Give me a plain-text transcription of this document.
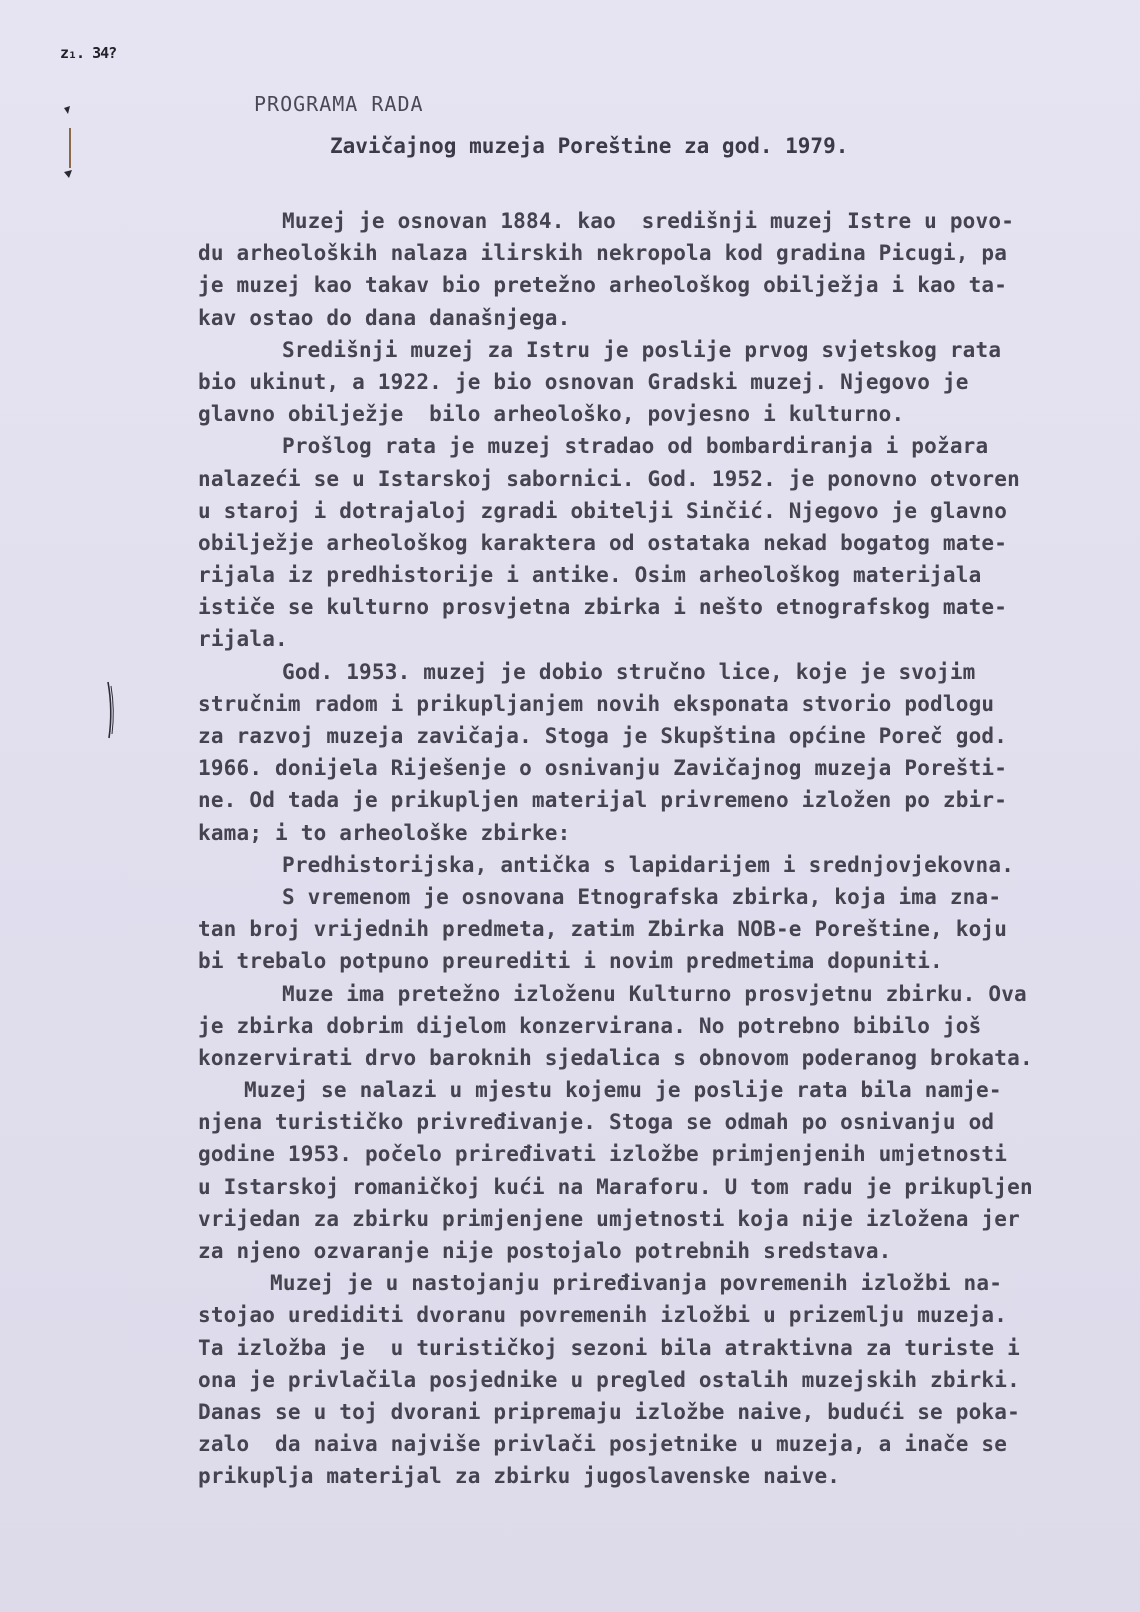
z₁. 34?
PROGRAMA RADA
Zavičajnog muzeja Poreštine za god. 1979.
Muzej je osnovan 1884. kao  središnji muzej Istre u povo-
du arheoloških nalaza ilirskih nekropola kod gradina Picugi, pa
je muzej kao takav bio pretežno arheološkog obilježja i kao ta-
kav ostao do dana današnjega.
Središnji muzej za Istru je poslije prvog svjetskog rata
bio ukinut, a 1922. je bio osnovan Gradski muzej. Njegovo je
glavno obilježje  bilo arheološko, povjesno i kulturno.
Prošlog rata je muzej stradao od bombardiranja i požara
nalazeći se u Istarskoj sabornici. God. 1952. je ponovno otvoren
u staroj i dotrajaloj zgradi obitelji Sinčić. Njegovo je glavno
obilježje arheološkog karaktera od ostataka nekad bogatog mate-
rijala iz predhistorije i antike. Osim arheološkog materijala
ističe se kulturno prosvjetna zbirka i nešto etnografskog mate-
rijala.
God. 1953. muzej je dobio stručno lice, koje je svojim
stručnim radom i prikupljanjem novih eksponata stvorio podlogu
za razvoj muzeja zavičaja. Stoga je Skupština općine Poreč god.
1966. donijela Riješenje o osnivanju Zavičajnog muzeja Porešti-
ne. Od tada je prikupljen materijal privremeno izložen po zbir-
kama; i to arheološke zbirke:
Predhistorijska, antička s lapidarijem i srednjovjekovna.
S vremenom je osnovana Etnografska zbirka, koja ima zna-
tan broj vrijednih predmeta, zatim Zbirka NOB-e Poreštine, koju
bi trebalo potpuno preurediti i novim predmetima dopuniti.
Muze ima pretežno izloženu Kulturno prosvjetnu zbirku. Ova
je zbirka dobrim dijelom konzervirana. No potrebno bibilo još
konzervirati drvo baroknih sjedalica s obnovom poderanog brokata.
Muzej se nalazi u mjestu kojemu je poslije rata bila namje-
njena turističko privređivanje. Stoga se odmah po osnivanju od
godine 1953. počelo priređivati izložbe primjenjenih umjetnosti
u Istarskoj romaničkoj kući na Maraforu. U tom radu je prikupljen
vrijedan za zbirku primjenjene umjetnosti koja nije izložena jer
za njeno ozvaranje nije postojalo potrebnih sredstava.
Muzej je u nastojanju priređivanja povremenih izložbi na-
stojao urediditi dvoranu povremenih izložbi u prizemlju muzeja.
Ta izložba je  u turističkoj sezoni bila atraktivna za turiste i
ona je privlačila posjednike u pregled ostalih muzejskih zbirki.
Danas se u toj dvorani pripremaju izložbe naive, budući se poka-
zalo  da naiva najviše privlači posjetnike u muzeja, a inače se
prikuplja materijal za zbirku jugoslavenske naive.
